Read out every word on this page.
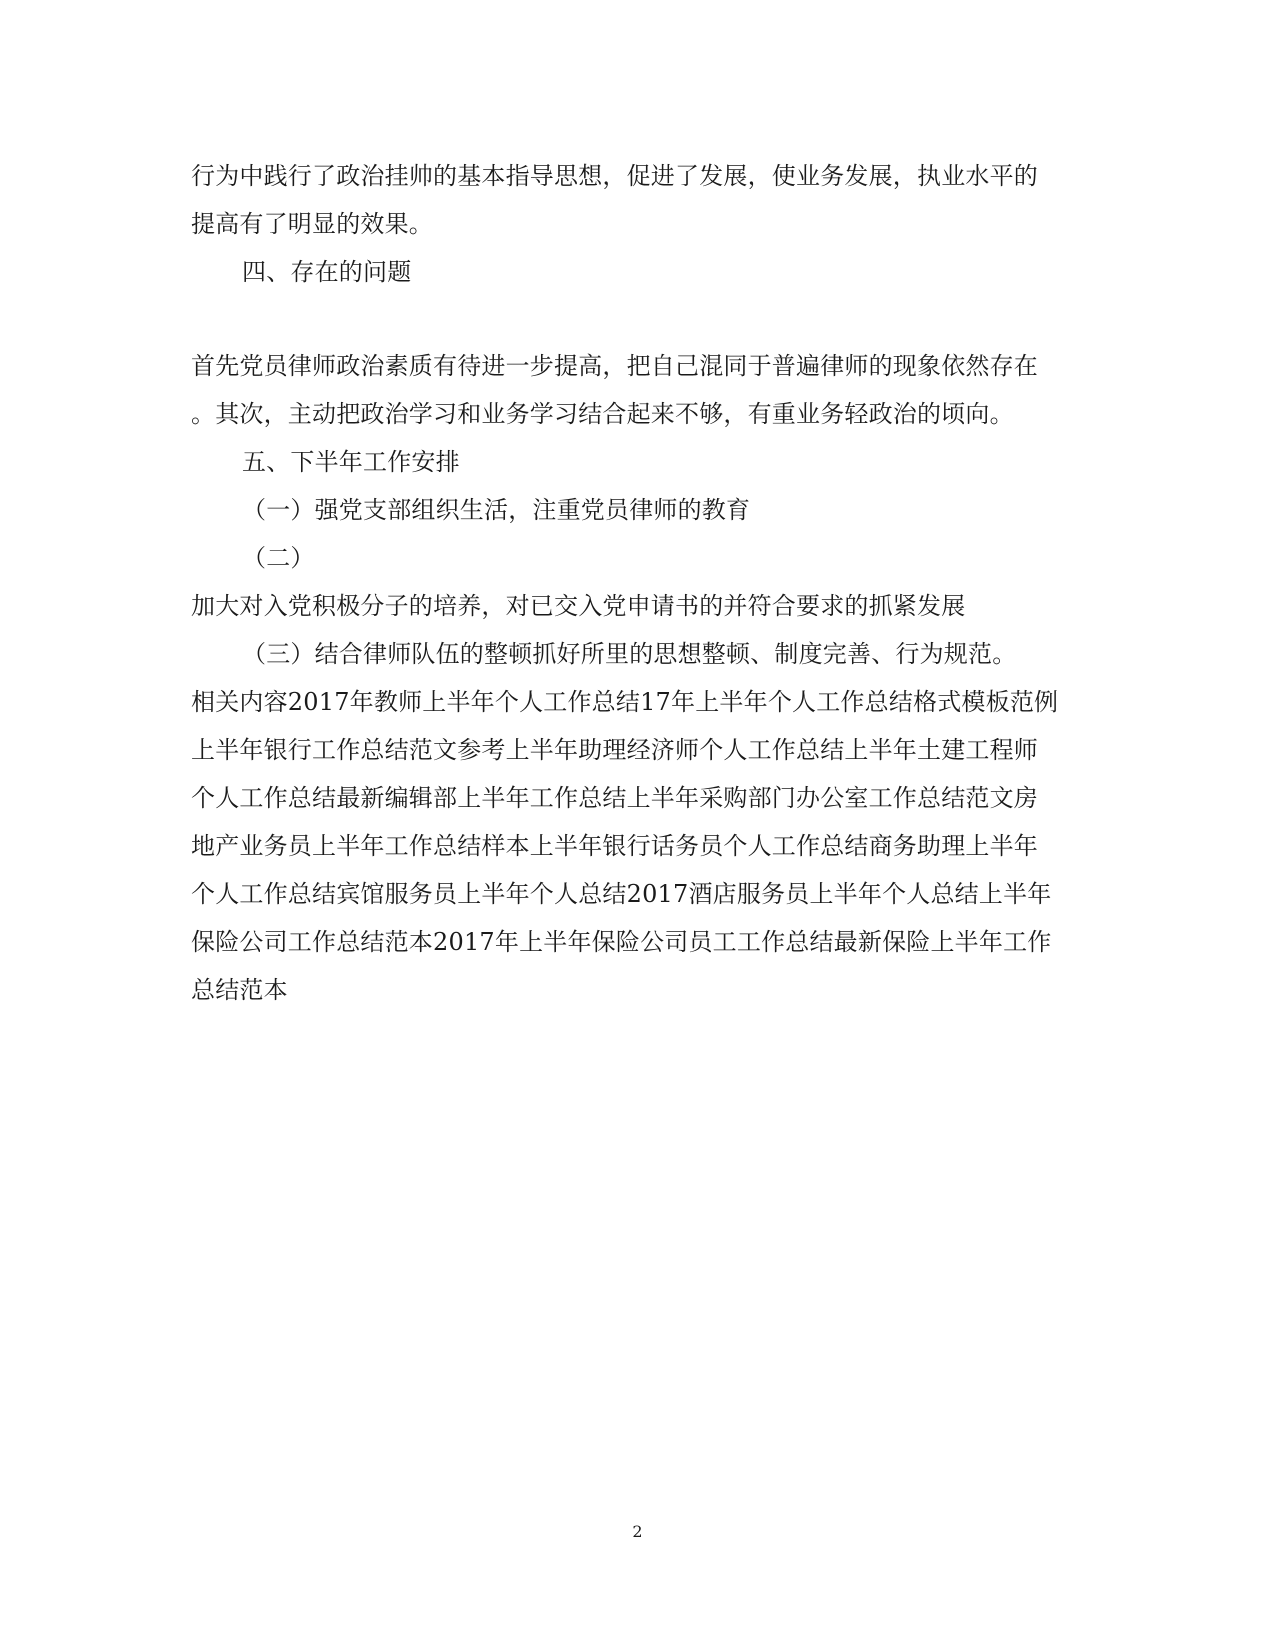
行为中践行了政治挂帅的基本指导思想，促进了发展，使业务发展，执业水平的
提高有了明显的效果。
四、存在的问题
首先党员律师政治素质有待进一步提高，把自己混同于普遍律师的现象依然存在
。其次，主动把政治学习和业务学习结合起来不够，有重业务轻政治的顷向。
五、下半年工作安排
（一）强党支部组织生活，注重党员律师的教育
（二）
加大对入党积极分子的培养，对已交入党申请书的并符合要求的抓紧发展
（三）结合律师队伍的整顿抓好所里的思想整顿、制度完善、行为规范。
相关内容2017年教师上半年个人工作总结17年上半年个人工作总结格式模板范例
上半年银行工作总结范文参考上半年助理经济师个人工作总结上半年土建工程师
个人工作总结最新编辑部上半年工作总结上半年采购部门办公室工作总结范文房
地产业务员上半年工作总结样本上半年银行话务员个人工作总结商务助理上半年
个人工作总结宾馆服务员上半年个人总结2017酒店服务员上半年个人总结上半年
保险公司工作总结范本2017年上半年保险公司员工工作总结最新保险上半年工作
总结范本
2
